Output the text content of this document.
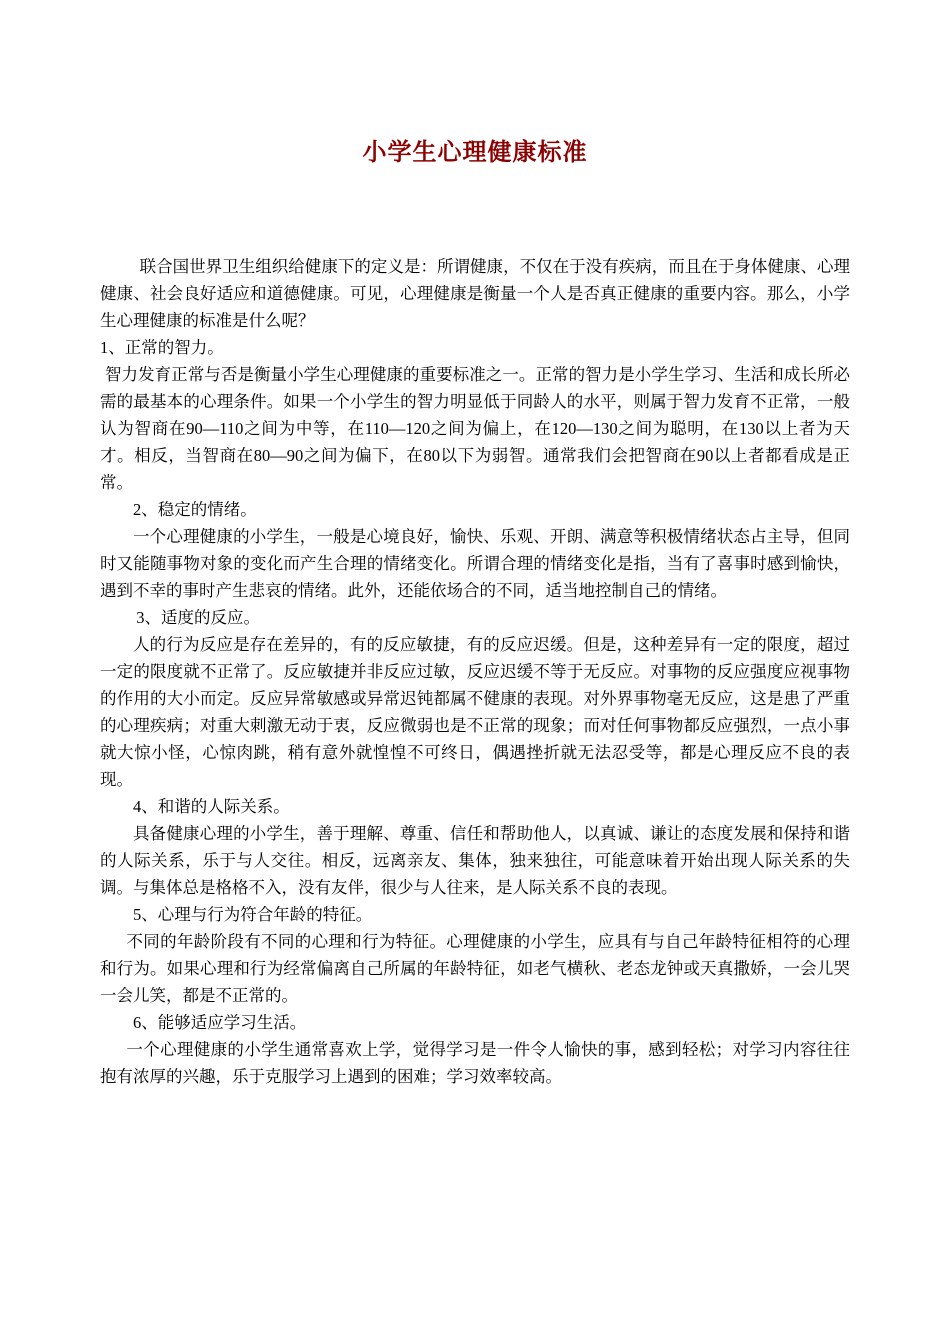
小学生心理健康标准

联合国世界卫生组织给健康下的定义是：所谓健康，不仅在于没有疾病，而且在于身体健康、心理健康、社会良好适应和道德健康。可见，心理健康是衡量一个人是否真正健康的重要内容。那么，小学生心理健康的标准是什么呢？

1、正常的智力。

智力发育正常与否是衡量小学生心理健康的重要标准之一。正常的智力是小学生学习、生活和成长所必需的最基本的心理条件。如果一个小学生的智力明显低于同龄人的水平，则属于智力发育不正常，一般认为智商在90—110之间为中等，在110—120之间为偏上，在120—130之间为聪明，在130以上者为天才。相反，当智商在80—90之间为偏下，在80以下为弱智。通常我们会把智商在90以上者都看成是正常。

2、稳定的情绪。

一个心理健康的小学生，一般是心境良好，愉快、乐观、开朗、满意等积极情绪状态占主导，但同时又能随事物对象的变化而产生合理的情绪变化。所谓合理的情绪变化是指，当有了喜事时感到愉快，遇到不幸的事时产生悲哀的情绪。此外，还能依场合的不同，适当地控制自己的情绪。

3、适度的反应。

人的行为反应是存在差异的，有的反应敏捷，有的反应迟缓。但是，这种差异有一定的限度，超过一定的限度就不正常了。反应敏捷并非反应过敏，反应迟缓不等于无反应。对事物的反应强度应视事物的作用的大小而定。反应异常敏感或异常迟钝都属不健康的表现。对外界事物毫无反应，这是患了严重的心理疾病；对重大刺激无动于衷，反应微弱也是不正常的现象；而对任何事物都反应强烈，一点小事就大惊小怪，心惊肉跳，稍有意外就惶惶不可终日，偶遇挫折就无法忍受等，都是心理反应不良的表现。

4、和谐的人际关系。

具备健康心理的小学生，善于理解、尊重、信任和帮助他人，以真诚、谦让的态度发展和保持和谐的人际关系，乐于与人交往。相反，远离亲友、集体，独来独往，可能意味着开始出现人际关系的失调。与集体总是格格不入，没有友伴，很少与人往来，是人际关系不良的表现。

5、心理与行为符合年龄的特征。

不同的年龄阶段有不同的心理和行为特征。心理健康的小学生，应具有与自己年龄特征相符的心理和行为。如果心理和行为经常偏离自己所属的年龄特征，如老气横秋、老态龙钟或天真撒娇，一会儿哭一会儿笑，都是不正常的。

6、能够适应学习生活。

一个心理健康的小学生通常喜欢上学，觉得学习是一件令人愉快的事，感到轻松；对学习内容往往抱有浓厚的兴趣，乐于克服学习上遇到的困难；学习效率较高。
